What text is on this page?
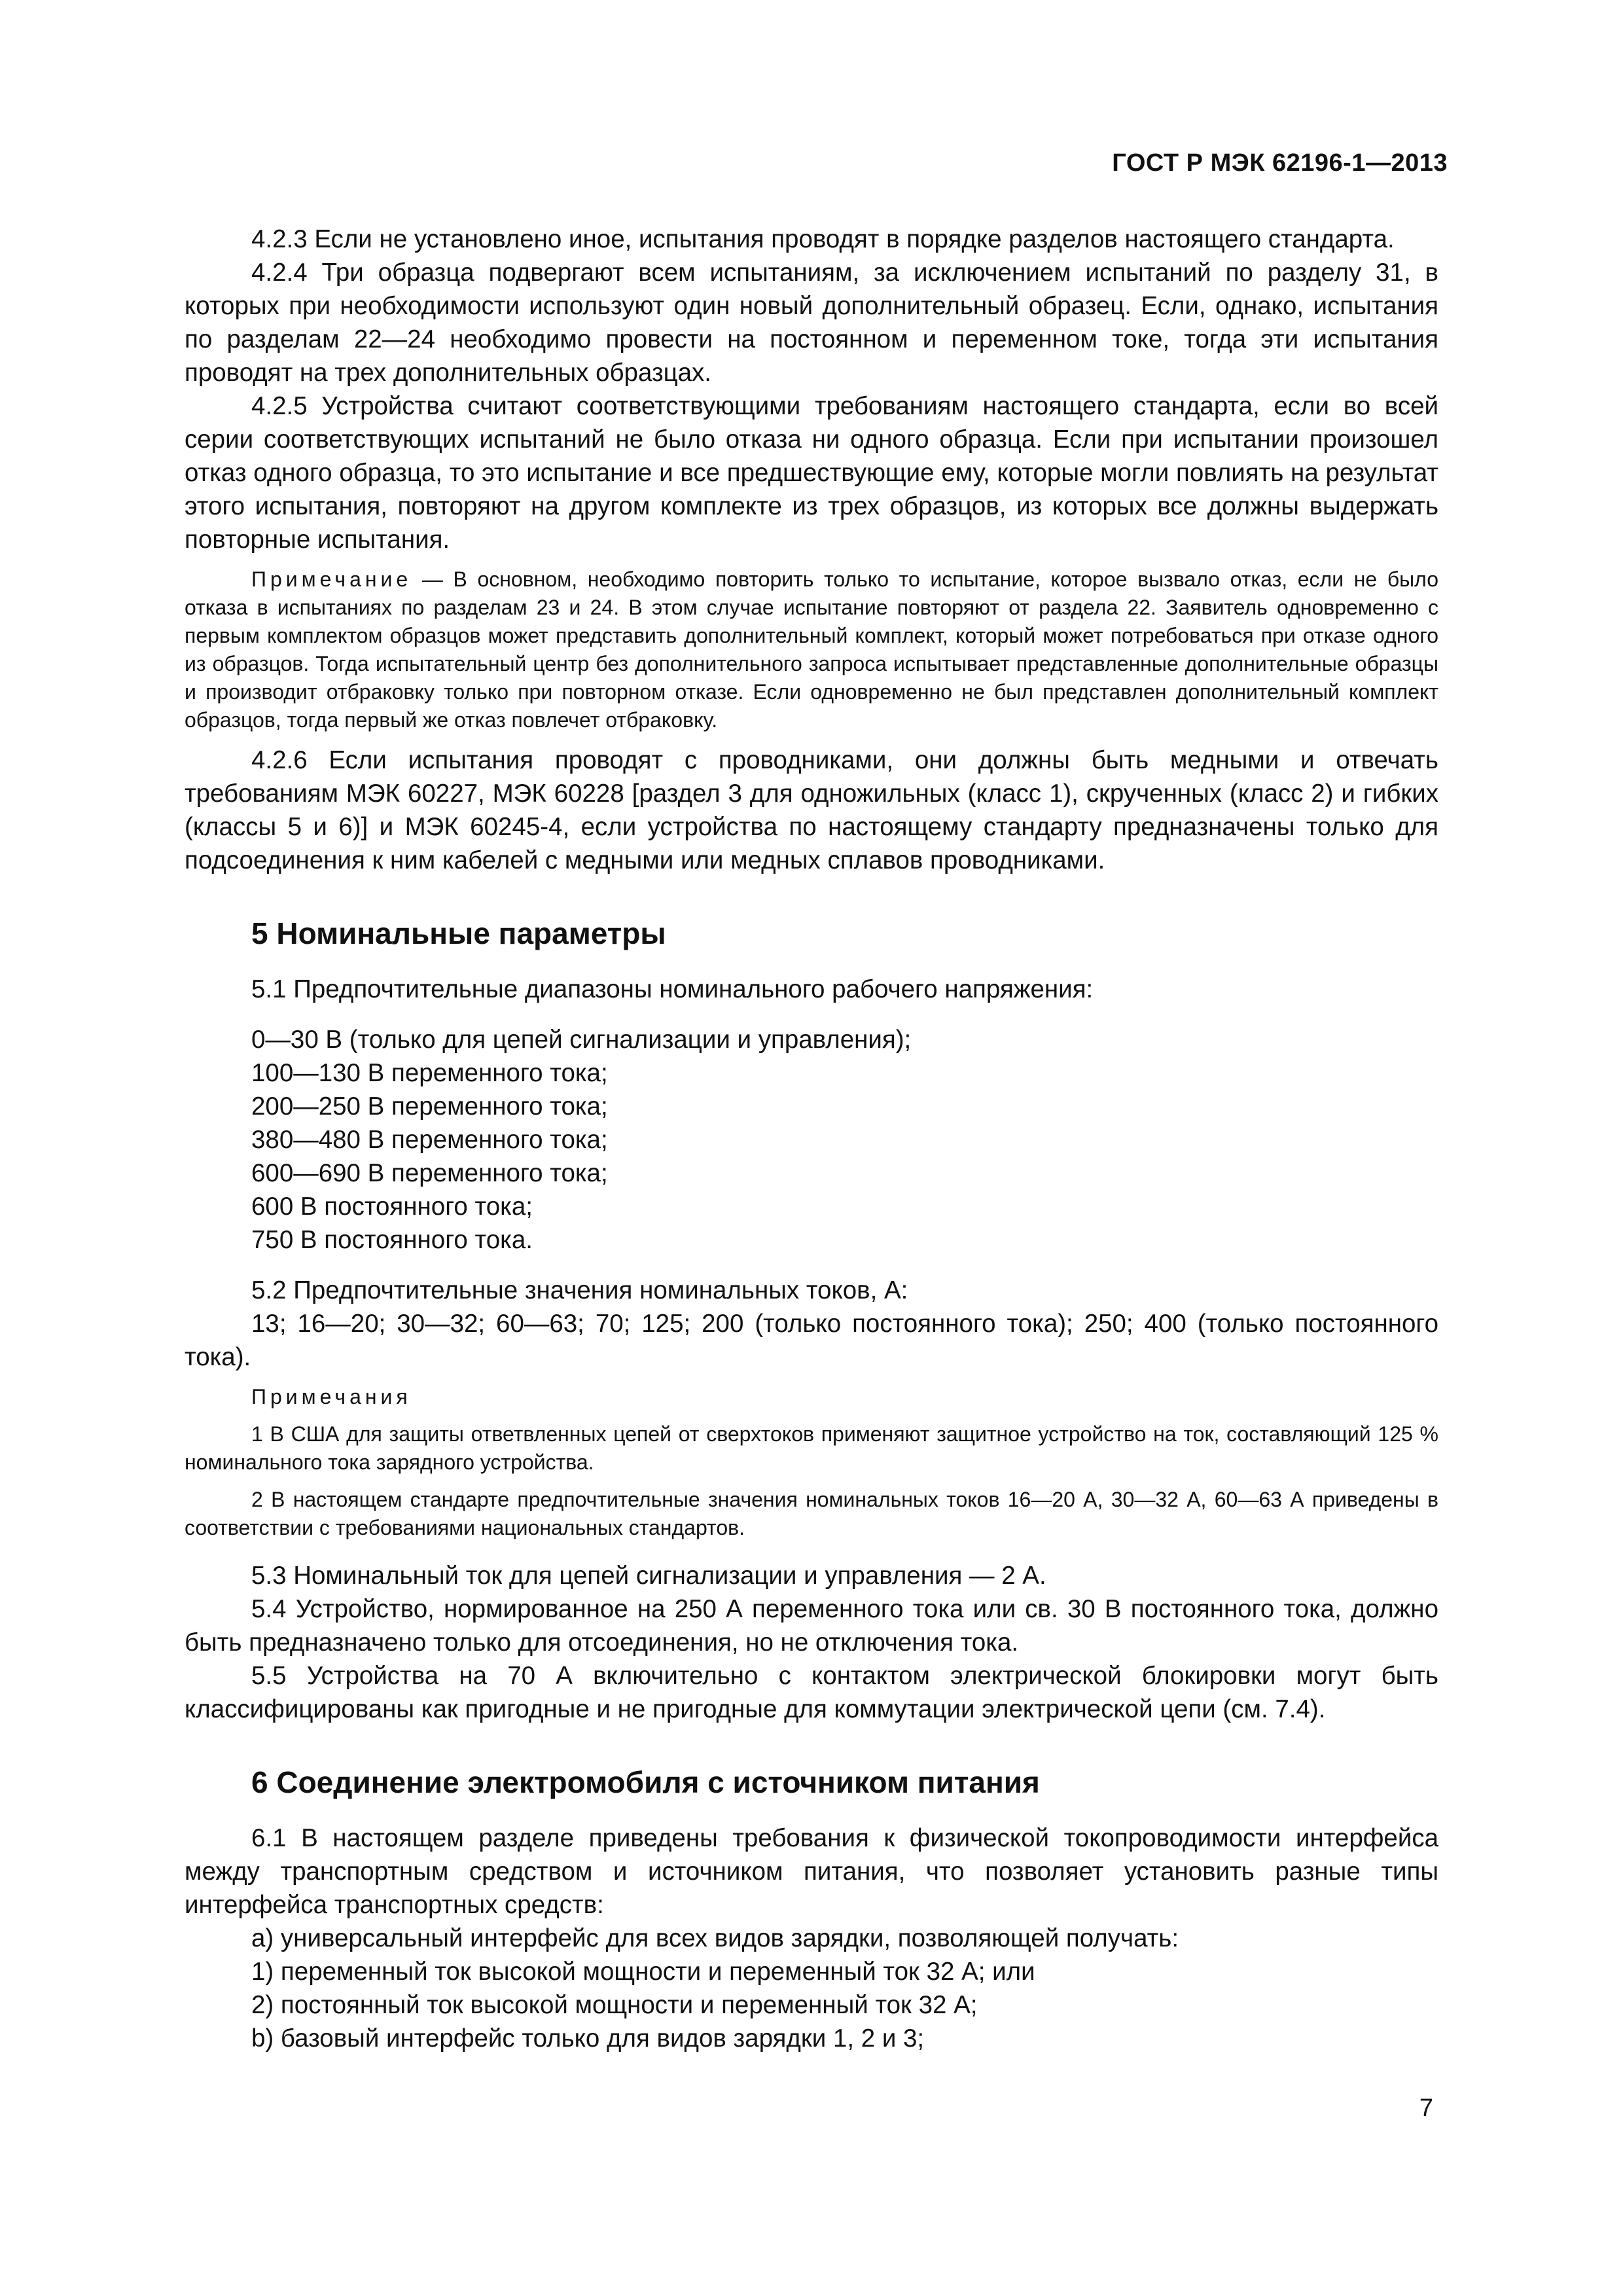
ГОСТ Р МЭК 62196-1—2013

4.2.3 Если не установлено иное, испытания проводят в порядке разделов настоящего стандарта.

4.2.4 Три образца подвергают всем испытаниям, за исключением испытаний по разделу 31, в которых при необходимости используют один новый дополнительный образец. Если, однако, испытания по разделам 22—24 необходимо провести на постоянном и переменном токе, тогда эти испытания проводят на трех дополнительных образцах.

4.2.5 Устройства считают соответствующими требованиям настоящего стандарта, если во всей серии соответствующих испытаний не было отказа ни одного образца. Если при испытании произошел отказ одного образца, то это испытание и все предшествующие ему, которые могли повлиять на результат этого испытания, повторяют на другом комплекте из трех образцов, из которых все должны выдержать повторные испытания.

Примечание — В основном, необходимо повторить только то испытание, которое вызвало отказ, если не было отказа в испытаниях по разделам 23 и 24. В этом случае испытание повторяют от раздела 22. Заявитель одновременно с первым комплектом образцов может представить дополнительный комплект, который может потребоваться при отказе одного из образцов. Тогда испытательный центр без дополнительного запроса испытывает представленные дополнительные образцы и производит отбраковку только при повторном отказе. Если одновременно не был представлен дополнительный комплект образцов, тогда первый же отказ повлечет отбраковку.

4.2.6 Если испытания проводят с проводниками, они должны быть медными и отвечать требованиям МЭК 60227, МЭК 60228 [раздел 3 для одножильных (класс 1), скрученных (класс 2) и гибких (классы 5 и 6)] и МЭК 60245-4, если устройства по настоящему стандарту предназначены только для подсоединения к ним кабелей с медными или медных сплавов проводниками.

5 Номинальные параметры

5.1 Предпочтительные диапазоны номинального рабочего напряжения:

0—30 В (только для цепей сигнализации и управления);

100—130 В переменного тока;

200—250 В переменного тока;

380—480 В переменного тока;

600—690 В переменного тока;

600 В постоянного тока;

750 В постоянного тока.

5.2 Предпочтительные значения номинальных токов, А:

13; 16—20; 30—32; 60—63; 70; 125; 200 (только постоянного тока); 250; 400 (только постоянного тока).

Примечания

1 В США для защиты ответвленных цепей от сверхтоков применяют защитное устройство на ток, составляющий 125 % номинального тока зарядного устройства.

2 В настоящем стандарте предпочтительные значения номинальных токов 16—20 А, 30—32 А, 60—63 А приведены в соответствии с требованиями национальных стандартов.

5.3 Номинальный ток для цепей сигнализации и управления — 2 А.

5.4 Устройство, нормированное на 250 А переменного тока или св. 30 В постоянного тока, должно быть предназначено только для отсоединения, но не отключения тока.

5.5 Устройства на 70 А включительно с контактом электрической блокировки могут быть классифицированы как пригодные и не пригодные для коммутации электрической цепи (см. 7.4).

6 Соединение электромобиля с источником питания

6.1 В настоящем разделе приведены требования к физической токопроводимости интерфейса между транспортным средством и источником питания, что позволяет установить разные типы интерфейса транспортных средств:

a) универсальный интерфейс для всех видов зарядки, позволяющей получать:

1) переменный ток высокой мощности и переменный ток 32 А; или

2) постоянный ток высокой мощности и переменный ток 32 А;

b) базовый интерфейс только для видов зарядки 1, 2 и 3;

7
